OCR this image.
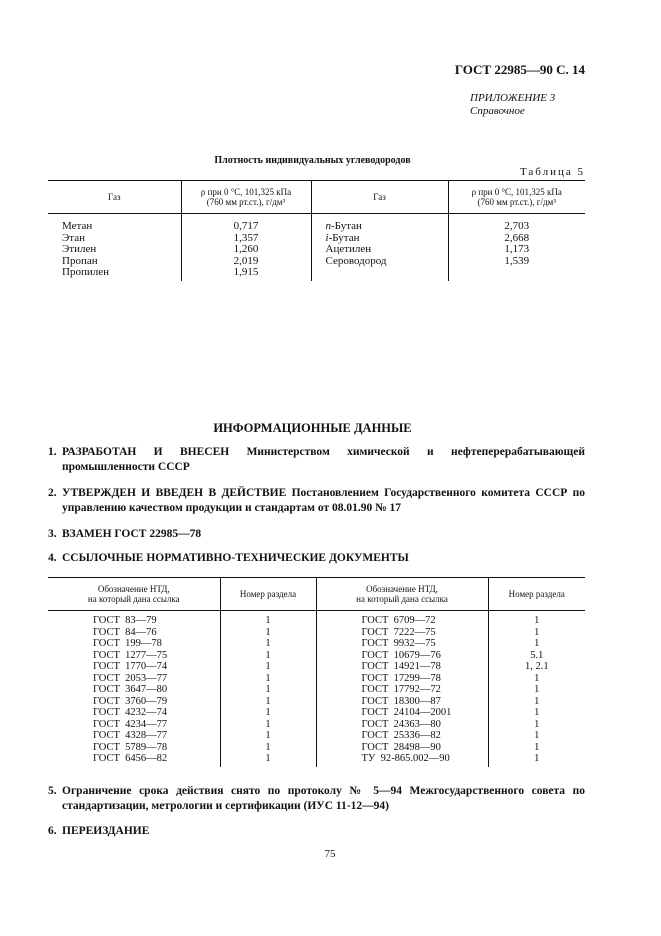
ГОСТ 22985—90 С. 14
ПРИЛОЖЕНИЕ 3
Справочное
Плотность индивидуальных углеводородов
Таблица 5
Газ	ρ при 0 °С, 101,325 кПа
(760 мм рт.ст.), г/дм³	Газ	ρ при 0 °С, 101,325 кПа
(760 мм рт.ст.), г/дм³
Метан	0,717	n-Бутан	2,703
Этан	1,357	i-Бутан	2,668
Этилен	1,260	Ацетилен	1,173
Пропан	2,019	Сероводород	1,539
Пропилен	1,915		
ИНФОРМАЦИОННЫЕ ДАННЫЕ
1. РАЗРАБОТАН И ВНЕСЕН Министерством химической и нефтеперерабатывающей промышленности СССР
2. УТВЕРЖДЕН И ВВЕДЕН В ДЕЙСТВИЕ Постановлением Государственного комитета СССР по управлению качеством продукции и стандартам от 08.01.90 № 17
3. ВЗАМЕН ГОСТ 22985—78
4. ССЫЛОЧНЫЕ НОРМАТИВНО-ТЕХНИЧЕСКИЕ ДОКУМЕНТЫ
Обозначение НТД,
на который дана ссылка	Номер раздела	Обозначение НТД,
на который дана ссылка	Номер раздела
ГОСТ  83—79	1	ГОСТ  6709—72	1
ГОСТ  84—76	1	ГОСТ  7222—75	1
ГОСТ  199—78	1	ГОСТ  9932—75	1
ГОСТ  1277—75	1	ГОСТ  10679—76	5.1
ГОСТ  1770—74	1	ГОСТ  14921—78	1, 2.1
ГОСТ  2053—77	1	ГОСТ  17299—78	1
ГОСТ  3647—80	1	ГОСТ  17792—72	1
ГОСТ  3760—79	1	ГОСТ  18300—87	1
ГОСТ  4232—74	1	ГОСТ  24104—2001	1
ГОСТ  4234—77	1	ГОСТ  24363—80	1
ГОСТ  4328—77	1	ГОСТ  25336—82	1
ГОСТ  5789—78	1	ГОСТ  28498—90	1
ГОСТ  6456—82	1	ТУ  92-865.002—90	1
5. Ограничение срока действия снято по протоколу № 5—94 Межгосударственного совета по стандартизации, метрологии и сертификации (ИУС 11-12—94)
6. ПЕРЕИЗДАНИЕ
75
